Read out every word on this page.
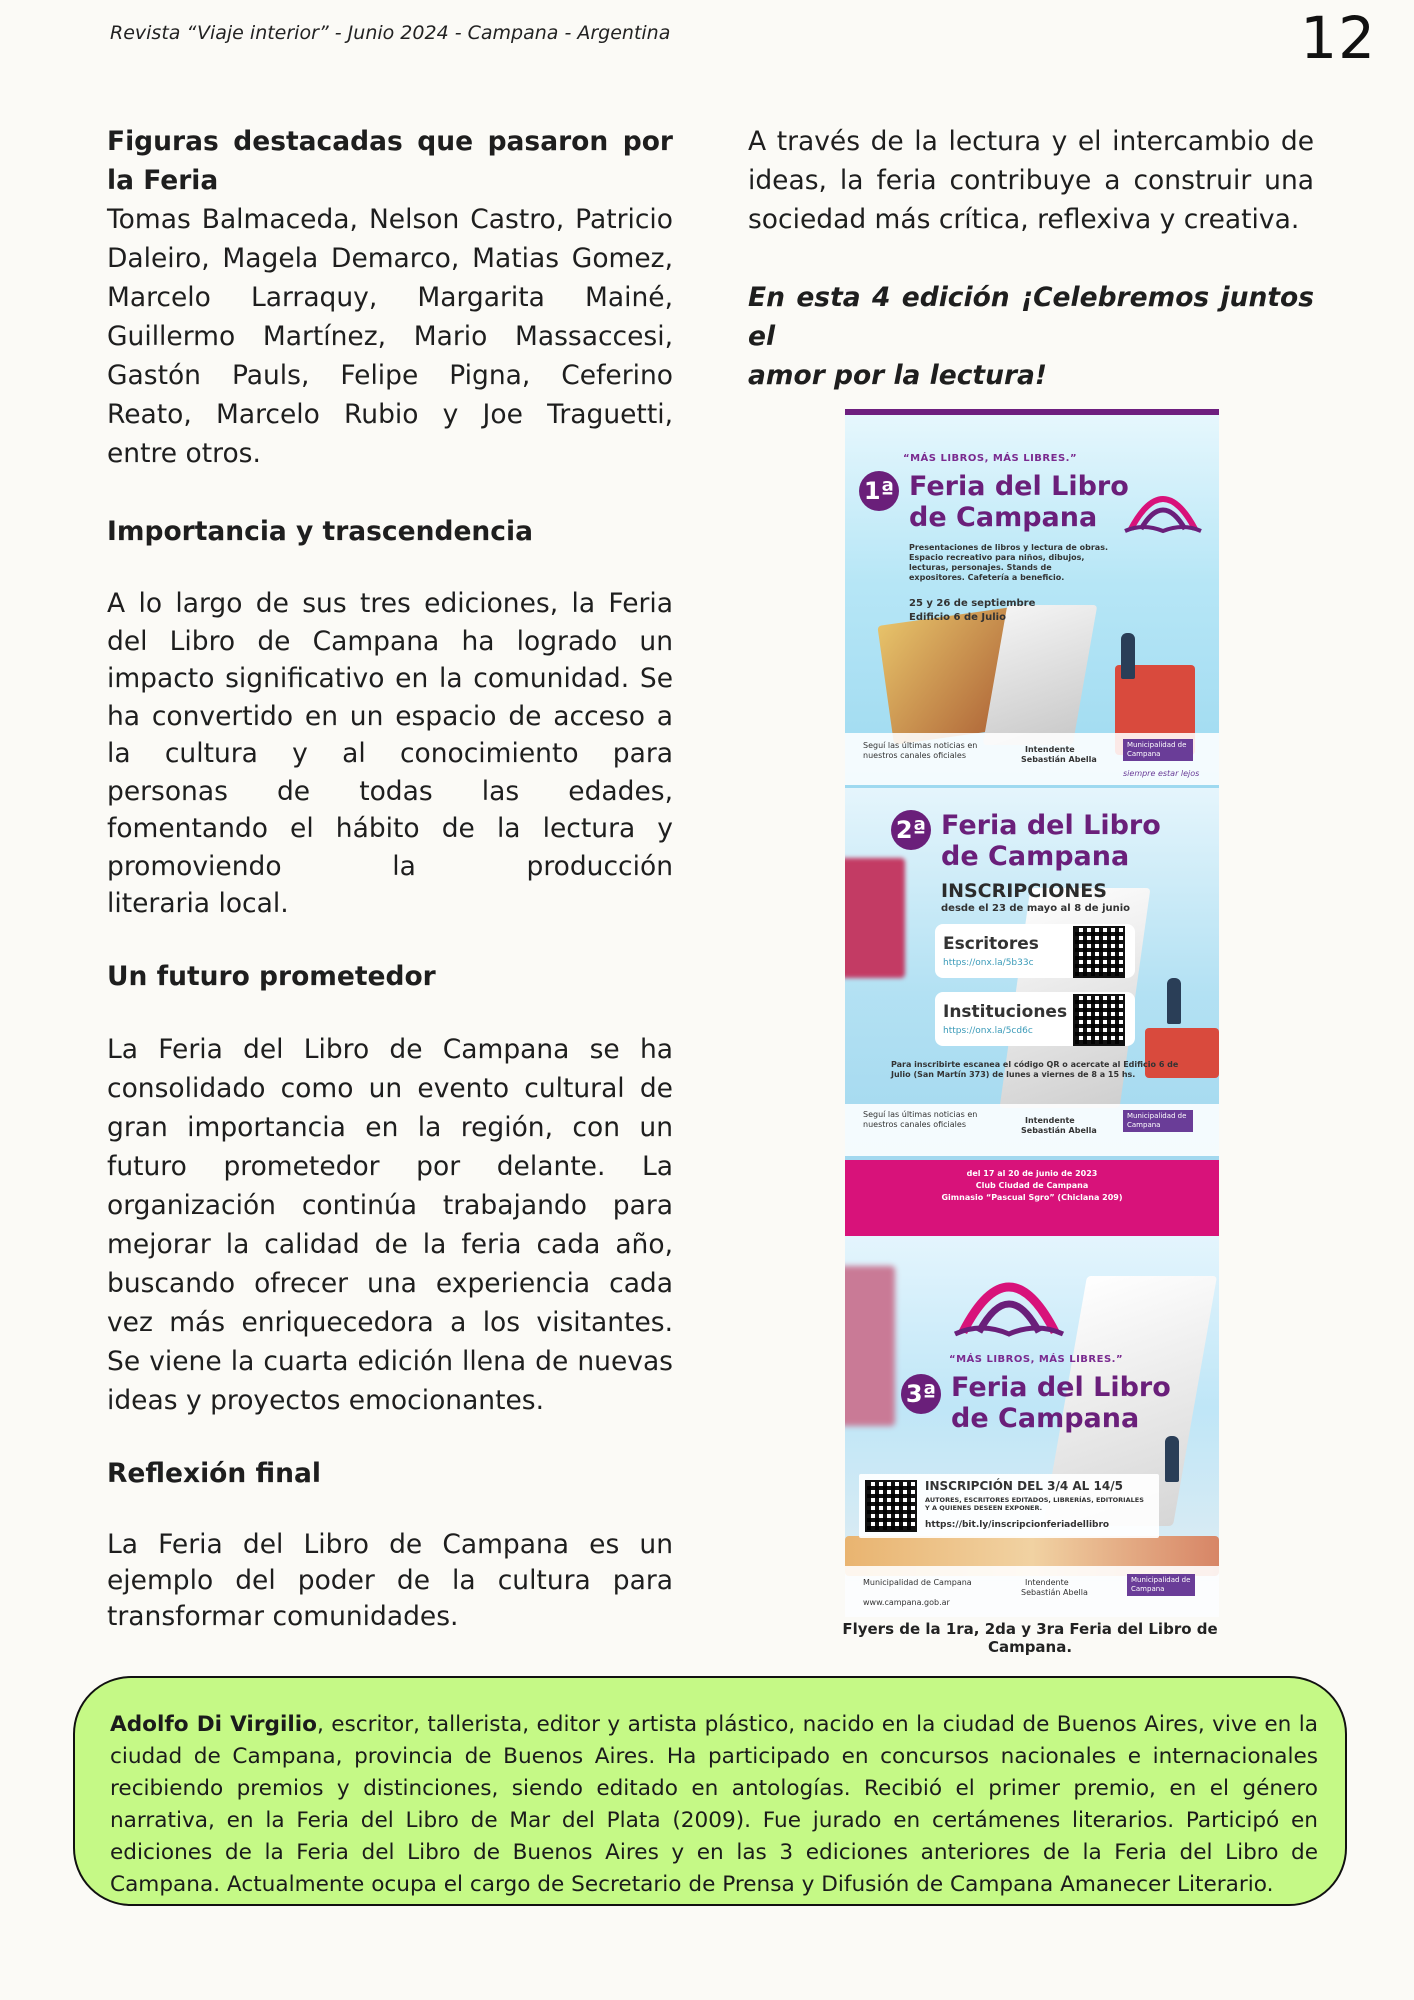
Revista “Viaje interior” - Junio 2024 - Campana - Argentina	12

Figuras destacadas que pasaron por la Feria

Tomas Balmaceda, Nelson Castro, Patricio Daleiro, Magela Demarco, Matias Gomez, Marcelo Larraquy, Margarita Mainé, Guillermo Martínez, Mario Massaccesi, Gastón Pauls, Felipe Pigna, Ceferino Reato, Marcelo Rubio y Joe Traguetti,

entre otros.

Importancia y trascendencia

A lo largo de sus tres ediciones, la Feria del Libro de Campana ha logrado un impacto significativo en la comunidad. Se ha convertido en un espacio de acceso a la cultura y al conocimiento para personas de todas las edades, fomentando el hábito de la lectura y promoviendo la producción

literaria local.

Un futuro prometedor

La Feria del Libro de Campana se ha consolidado como un evento cultural de gran importancia en la región, con un futuro prometedor por delante. La organización continúa trabajando para mejorar la calidad de la feria cada año, buscando ofrecer una experiencia cada vez más enriquecedora a los visitantes. Se viene la cuarta edición llena de nuevas

ideas y proyectos emocionantes.

Reflexión final

La Feria del Libro de Campana es un ejemplo del poder de la cultura para

transformar comunidades.

A través de la lectura y el intercambio de ideas, la feria contribuye a construir una

sociedad más crítica, reflexiva y creativa.

En esta 4 edición ¡Celebremos juntos el

amor por la lectura!

“MÁS LIBROS, MÁS LIBRES.”
1ª Feria del Libro
de Campana
Presentaciones de libros y lectura de obras. Espacio recreativo para niños, dibujos, lecturas, personajes. Stands de expositores. Cafetería a beneficio.
25 y 26 de septiembre
Edificio 6 de Julio
Seguí las últimas noticias en nuestros canales oficiales
Intendente
Sebastián Abella
Municipalidad de Campana
siempre estar lejos
2ª Feria del Libro
de Campana
INSCRIPCIONES
desde el 23 de mayo al 8 de junio
Escritores
https://onx.la/5b33c
Instituciones
https://onx.la/5cd6c
Para inscribirte escanea el código QR o acercate al Edificio 6 de Julio (San Martín 373) de lunes a viernes de 8 a 15 hs.
Seguí las últimas noticias en nuestros canales oficiales	Intendente
Sebastián Abella
Municipalidad de Campana
del 17 al 20 de junio de 2023
Club Ciudad de Campana
Gimnasio “Pascual Sgro” (Chiclana 209)
“MÁS LIBROS, MÁS LIBRES.”
3ª Feria del Libro
de Campana
INSCRIPCIÓN DEL 3/4 AL 14/5
AUTORES, ESCRITORES EDITADOS, LIBRERÍAS, EDITORIALES Y A QUIENES DESEEN EXPONER.
https://bit.ly/inscripcionferiadellibro
Municipalidad de Campana
www.campana.gob.ar
Intendente
Sebastián Abella
Municipalidad de Campana
Flyers de la 1ra, 2da y 3ra Feria del Libro de Campana.

Adolfo Di Virgilio, escritor, tallerista, editor y artista plástico, nacido en la ciudad de Buenos Aires, vive en la ciudad de Campana, provincia de Buenos Aires. Ha participado en concursos nacionales e internacionales recibiendo premios y distinciones, siendo editado en antologías. Recibió el primer premio, en el género narrativa, en la Feria del Libro de Mar del Plata (2009). Fue jurado en certámenes literarios. Participó en ediciones de la Feria del Libro de Buenos Aires y en las 3 ediciones anteriores de la Feria del Libro de Campana. Actualmente ocupa el cargo de Secretario de Prensa y Difusión de Campana Amanecer Literario.
